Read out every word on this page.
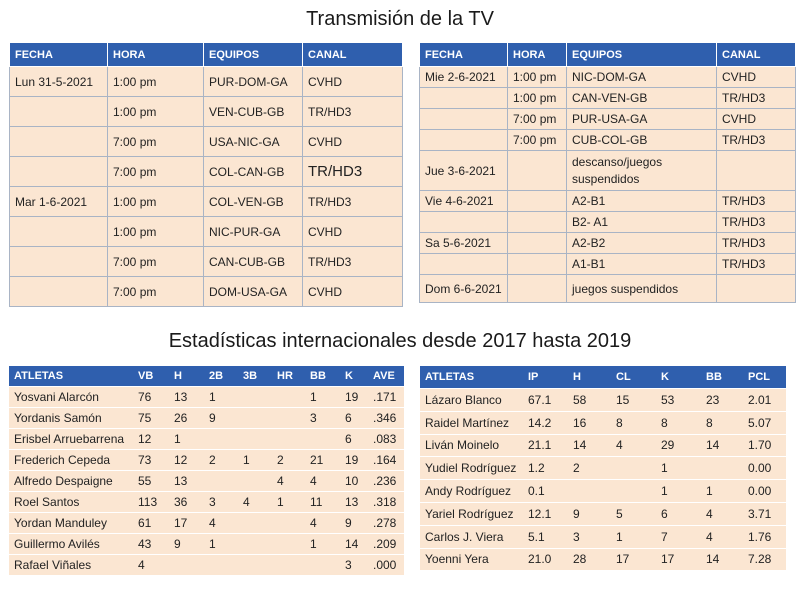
Transmisión de la TV
FECHA	HORA	EQUIPOS	CANAL
Lun 31-5-2021	1:00 pm	PUR-DOM-GA	CVHD
	1:00 pm	VEN-CUB-GB	TR/HD3
	7:00 pm	USA-NIC-GA	CVHD
	7:00 pm	COL-CAN-GB	TR/HD3
Mar 1-6-2021	1:00 pm	COL-VEN-GB	TR/HD3
	1:00 pm	NIC-PUR-GA	CVHD
	7:00 pm	CAN-CUB-GB	TR/HD3
	7:00 pm	DOM-USA-GA	CVHD
FECHA	HORA	EQUIPOS	CANAL
Mie 2-6-2021	1:00 pm	NIC-DOM-GA	CVHD
	1:00 pm	CAN-VEN-GB	TR/HD3
	7:00 pm	PUR-USA-GA	CVHD
	7:00 pm	CUB-COL-GB	TR/HD3
Jue 3-6-2021		descanso/juegos suspendidos	
Vie 4-6-2021		A2-B1	TR/HD3
		B2- A1	TR/HD3
Sa 5-6-2021		A2-B2	TR/HD3
		A1-B1	TR/HD3
Dom 6-6-2021		juegos suspendidos	
Estadísticas internacionales desde 2017 hasta 2019
ATLETAS	VB	H	2B	3B	HR	BB	K	AVE
Yosvani Alarcón	76	13	1			1	19	.171
Yordanis Samón	75	26	9			3	6	.346
Erisbel Arruebarrena	12	1					6	.083
Frederich Cepeda	73	12	2	1	2	21	19	.164
Alfredo Despaigne	55	13			4	4	10	.236
Roel Santos	113	36	3	4	1	11	13	.318
Yordan Manduley	61	17	4			4	9	.278
Guillermo Avilés	43	9	1			1	14	.209
Rafael Viñales	4						3	.000
ATLETAS	IP	H	CL	K	BB	PCL
Lázaro Blanco	67.1	58	15	53	23	2.01
Raidel Martínez	14.2	16	8	8	8	5.07
Liván Moinelo	21.1	14	4	29	14	1.70
Yudiel Rodríguez	1.2	2		1		0.00
Andy Rodríguez	0.1			1	1	0.00
Yariel Rodríguez	12.1	9	5	6	4	3.71
Carlos J. Viera	5.1	3	1	7	4	1.76
Yoenni Yera	21.0	28	17	17	14	7.28
